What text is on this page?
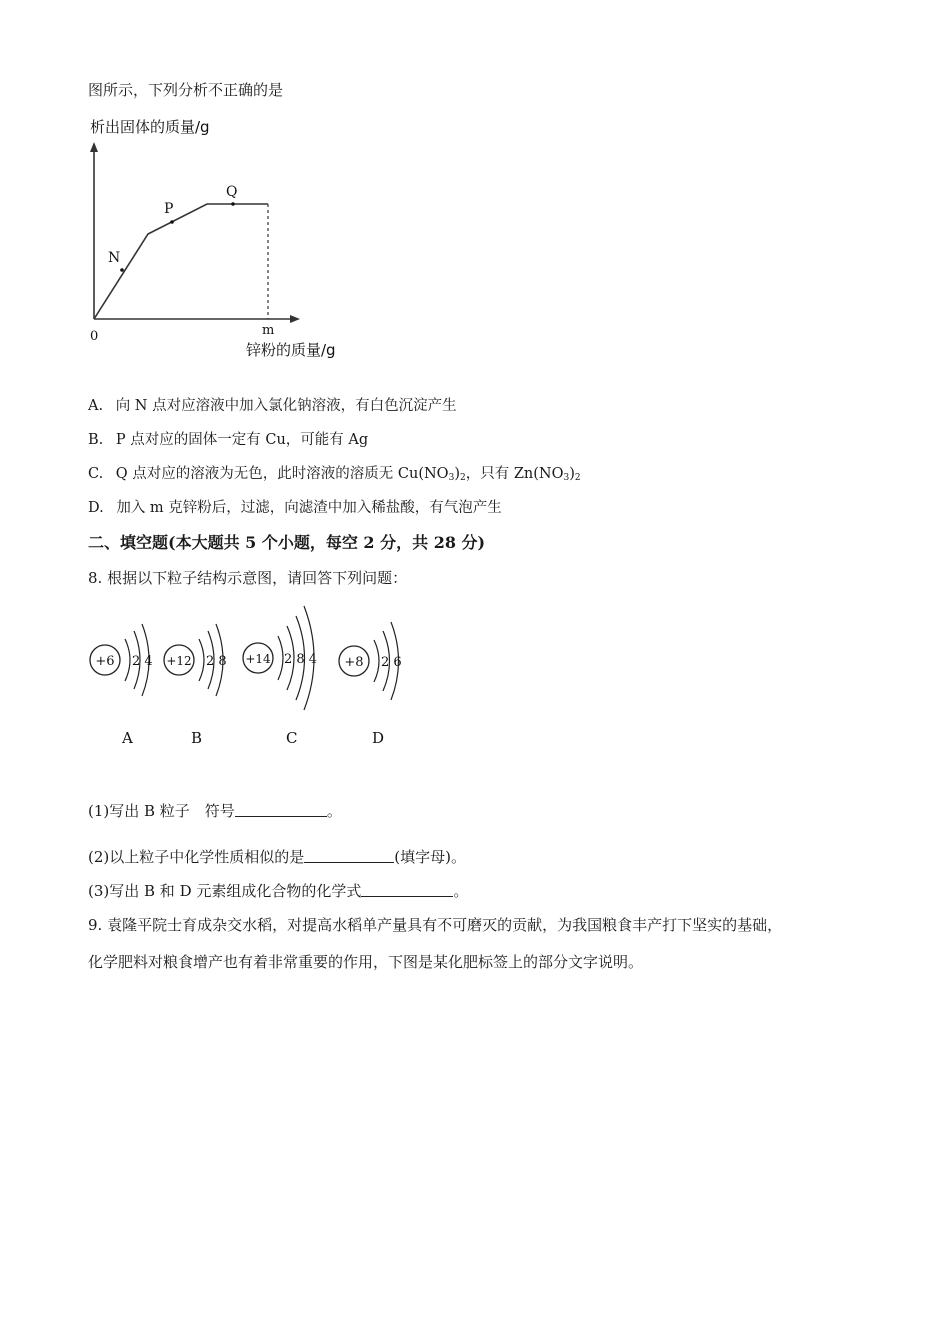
图所示，下列分析不正确的是
析出固体的质量/g
N
P
Q
0	m
锌粉的质量/g
A. 向 N 点对应溶液中加入氯化钠溶液，有白色沉淀产生
B. P 点对应的固体一定有 Cu，可能有 Ag
C. Q 点对应的溶液为无色，此时溶液的溶质无 $Cu(NO_3)_2$，只有 $Zn(NO_3)_2$
D. 加入 m 克锌粉后，过滤，向滤渣中加入稀盐酸，有气泡产生
二、填空题(本大题共 5 个小题，每空 2 分，共 28 分)
8. 根据以下粒子结构示意图，请回答下列问题：
+6 2 4
A
+12 2 8
B
+14 2 8 4
C
+8 2 6
D
(1)写出 B 粒子　符号	。
(2)以上粒子中化学性质相似的是	(填字母)。
(3)写出 B 和 D 元素组成化合物的化学式	。
9. 袁隆平院士育成杂交水稻，对提高水稻单产量具有不可磨灭的贡献，为我国粮食丰产打下坚实的基础，
化学肥料对粮食增产也有着非常重要的作用，下图是某化肥标签上的部分文字说明。
